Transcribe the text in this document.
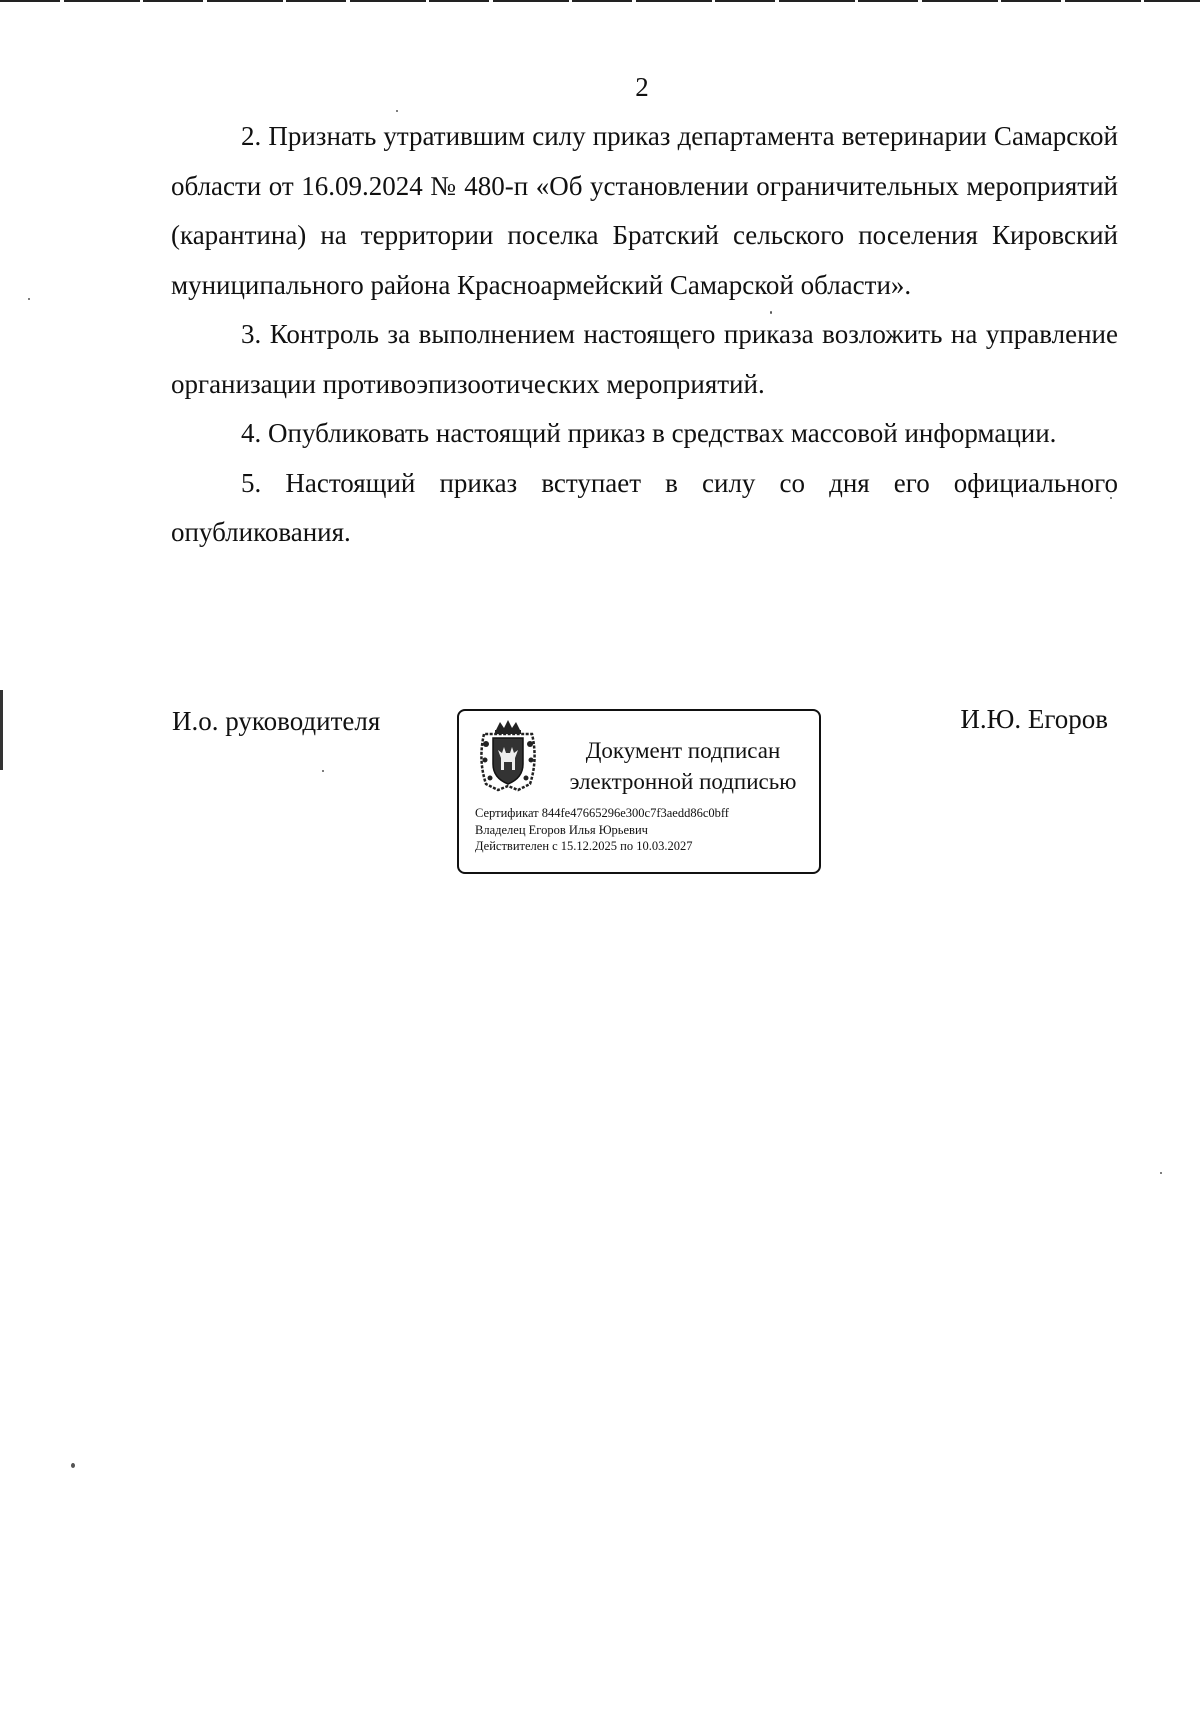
2

2. Признать утратившим силу приказ департамента ветеринарии Самарской области от 16.09.2024 № 480-п «Об установлении ограничительных мероприятий (карантина) на территории поселка Братский сельского поселения Кировский муниципального района Красноармейский Самарской области».

3. Контроль за выполнением настоящего приказа возложить на управление организации противоэпизоотических мероприятий.

4. Опубликовать настоящий приказ в средствах массовой информации.

5. Настоящий приказ вступает в силу со дня его официального опубликования.

И.о. руководителя	И.Ю. Егоров
Документ подписан
электронной подписью
Сертификат 844fe47665296e300c7f3aedd86c0bff
Владелец Егоров Илья Юрьевич
Действителен с 15.12.2025 по 10.03.2027
